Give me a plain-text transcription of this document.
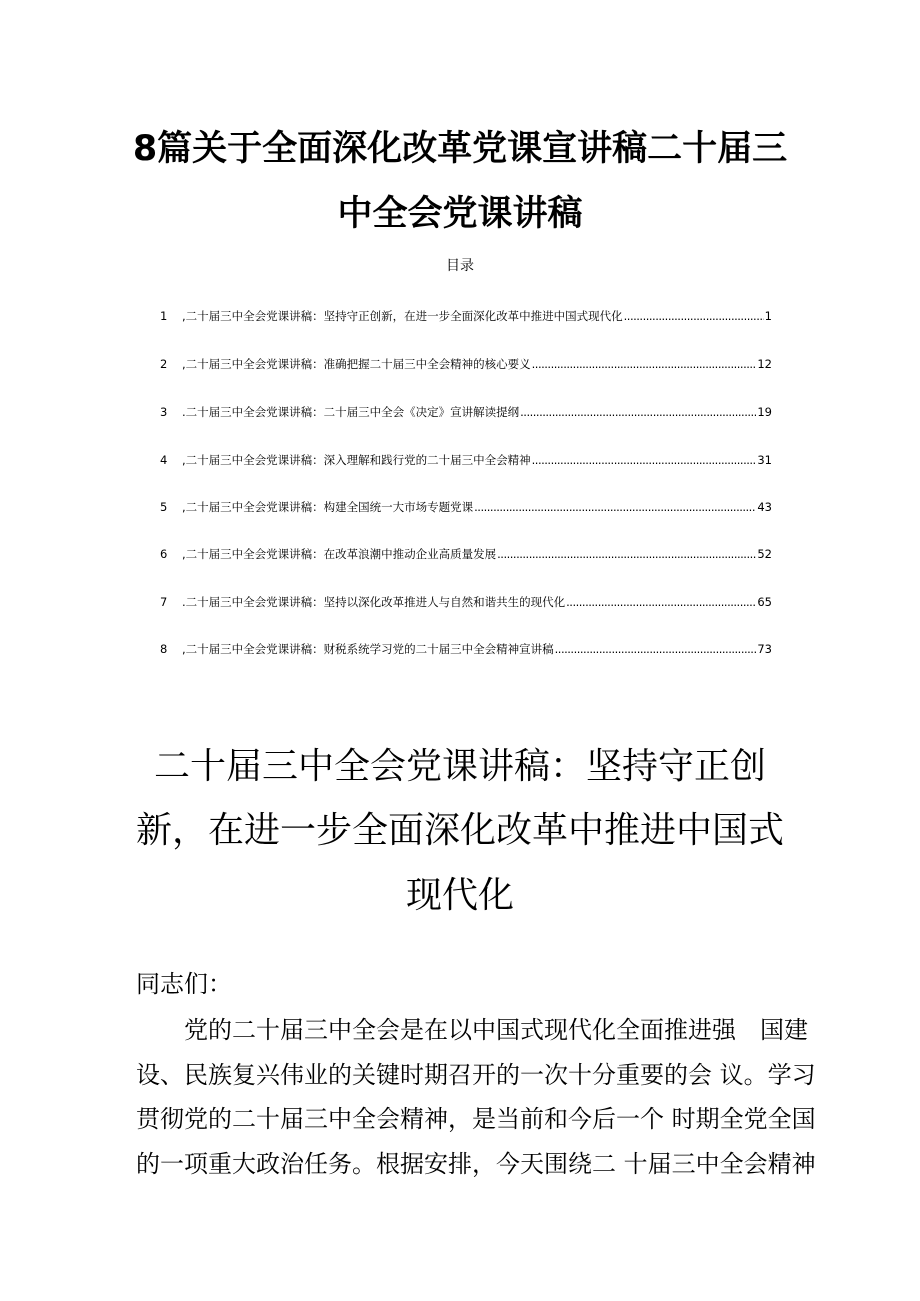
8篇关于全面深化改革党课宣讲稿二十届三
中全会党课讲稿
目录
1	,二十届三中全会党课讲稿：坚持守正创新，在进一步全面深化改革中推进中国式现代化 .....	1
2	,二十届三中全会党课讲稿：准确把握二十届三中全会精神的核心要义 .....	12
3	.二十届三中全会党课讲稿：二十届三中全会《决定》宣讲解读提纲 .....	19
4	,二十届三中全会党课讲稿：深入理解和践行党的二十届三中全会精神 .....	31
5	,二十届三中全会党课讲稿：构建全国统一大市场专题党课 .....	43
6	,二十届三中全会党课讲稿：在改革浪潮中推动企业高质量发展 .....	52
7	.二十届三中全会党课讲稿：坚持以深化改革推进人与自然和谐共生的现代化 .....	65
8	,二十届三中全会党课讲稿：财税系统学习党的二十届三中全会精神宣讲稿 .....	73
二十届三中全会党课讲稿：坚持守正创
新，在进一步全面深化改革中推进中国式
现代化
同志们：
党的二十届三中全会是在以中国式现代化全面推进强　国建
设、民族复兴伟业的关键时期召开的一次十分重要的会 议。学习
贯彻党的二十届三中全会精神，是当前和今后一个 时期全党全国
的一项重大政治任务。根据安排，今天围绕二 十届三中全会精神
